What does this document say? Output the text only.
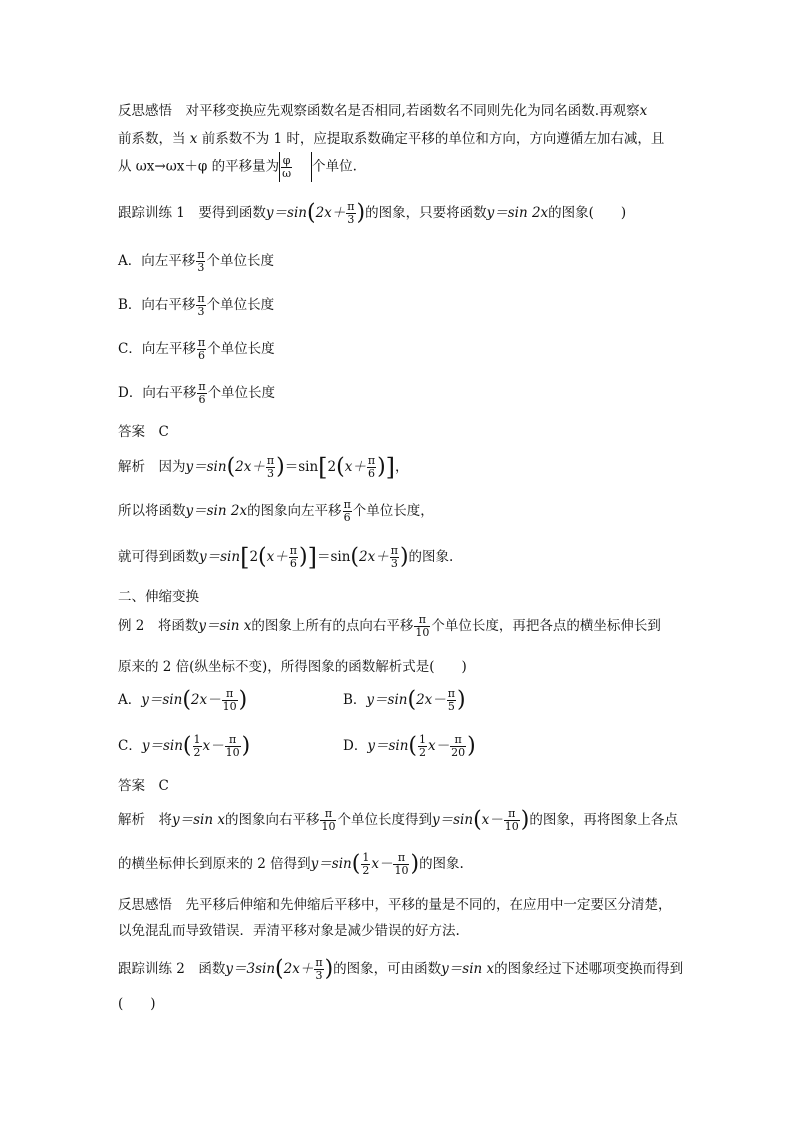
反思感悟　 对平移变换应先观察函数名是否相同,若函数名不同则先化为同名函数.再观察x
前系数，当 x 前系数不为 1 时，应提取系数确定平移的单位和方向，方向遵循左加右减，且
从 ωx→ωx＋φ 的平移量为 $\frac{\varphi}{\omega}$ 个单位.
跟踪训练 1　 要得到函数$y=\sin(2x+ \frac{\pi}{3}$ )的图象，只要将函数y＝sin 2x的图象(　　)
A．向左平移 $\frac{\pi}{3}$ 个单位长度
B．向右平移 $\frac{\pi}{3}$ 个单位长度
C．向左平移 $\frac{\pi}{6}$ 个单位长度
D．向右平移 $\frac{\pi}{6}$ 个单位长度
答案　 C
解析　 因为$y=\sin(2x+ \frac{\pi}{3} )=\sin[2(x+ \frac{\pi}{6}$ )]，
所以将函数y＝sin 2x的图象向左平移 $\frac{\pi}{6}$ 个单位长度，
就可得到函数$y=\sin[2(x+ \frac{\pi}{6} )]=\sin(2x+ \frac{\pi}{3}$ )的图象.
二、伸缩变换
例 2　 将函数y＝sin x的图象上所有的点向右平移 $\frac{\pi}{10}$ 个单位长度，再把各点的横坐标伸长到
原来的 2 倍(纵坐标不变)，所得图象的函数解析式是(　　)
A．$y=\sin(2x- \frac{\pi}{10}$ )	B．$y=\sin(2x- \frac{\pi}{5}$ )
C．$y=\sin( \frac{1}{2} x- \frac{\pi}{10}$ )	D．$y=\sin( \frac{1}{2} x- \frac{\pi}{20}$ )
答案　 C
解析　 将y＝sin x的图象向右平移 $\frac{\pi}{10}$ 个单位长度得到$y=\sin(x- \frac{\pi}{10}$ )的图象，再将图象上各点
的横坐标伸长到原来的 2 倍得到$y=\sin( \frac{1}{2} x- \frac{\pi}{10}$ )的图象.
反思感悟　 先平移后伸缩和先伸缩后平移中，平移的量是不同的，在应用中一定要区分清楚，
以免混乱而导致错误．弄清平移对象是减少错误的好方法.
跟踪训练 2　 函数$y=3\sin(2x+ \frac{\pi}{3}$ )的图象，可由函数y＝sin x的图象经过下述哪项变换而得到
(　　)
